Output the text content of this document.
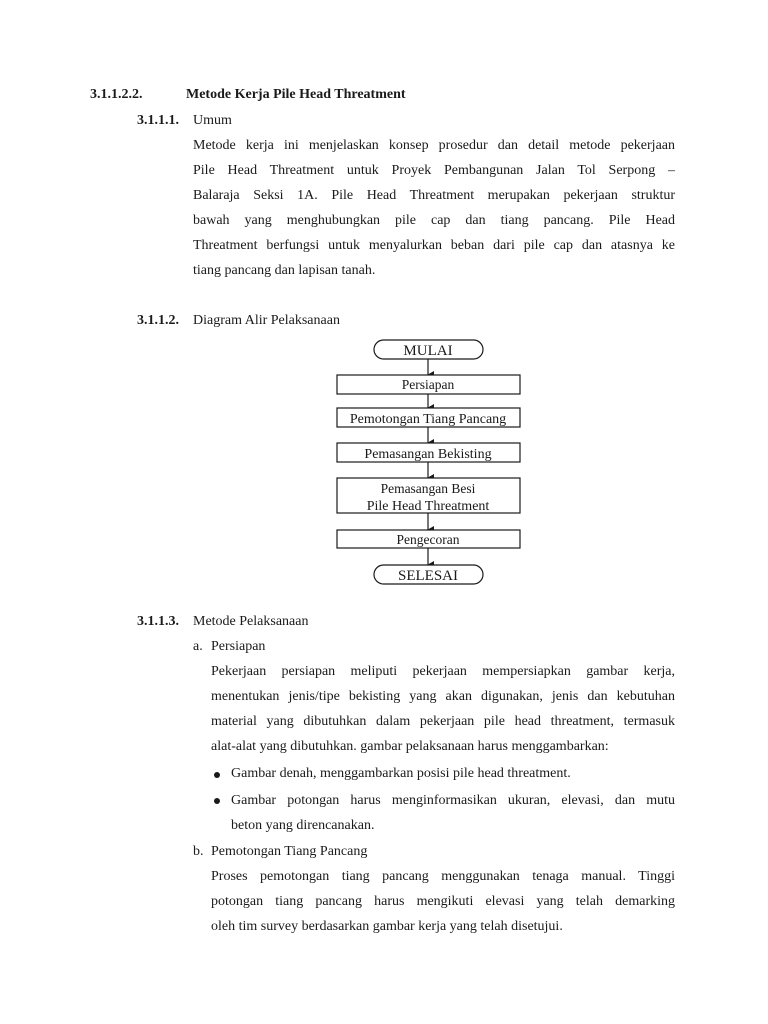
3.1.1.2.2.	Metode Kerja Pile Head Threatment
3.1.1.1. Umum
Metode kerja ini menjelaskan konsep prosedur dan detail metode pekerjaan
Pile Head Threatment untuk Proyek Pembangunan Jalan Tol Serpong –
Balaraja Seksi 1A. Pile Head Threatment merupakan pekerjaan struktur
bawah yang menghubungkan pile cap dan tiang pancang. Pile Head
Threatment berfungsi untuk menyalurkan beban dari pile cap dan atasnya ke
tiang pancang dan lapisan tanah.
3.1.1.2. Diagram Alir Pelaksanaan
MULAI
Persiapan
Pemotongan Tiang Pancang
Pemasangan Bekisting
Pemasangan Besi
Pile Head Threatment
Pengecoran
SELESAI
3.1.1.3. Metode Pelaksanaan
a. Persiapan
Pekerjaan persiapan meliputi pekerjaan mempersiapkan gambar kerja,
menentukan jenis/tipe bekisting yang akan digunakan, jenis dan kebutuhan
material yang dibutuhkan dalam pekerjaan pile head threatment, termasuk
alat-alat yang dibutuhkan. gambar pelaksanaan harus menggambarkan:
Gambar denah, menggambarkan posisi pile head threatment.
Gambar potongan harus menginformasikan ukuran, elevasi, dan mutu
beton yang direncanakan.
b. Pemotongan Tiang Pancang
Proses pemotongan tiang pancang menggunakan tenaga manual. Tinggi
potongan tiang pancang harus mengikuti elevasi yang telah demarking
oleh tim survey berdasarkan gambar kerja yang telah disetujui.
